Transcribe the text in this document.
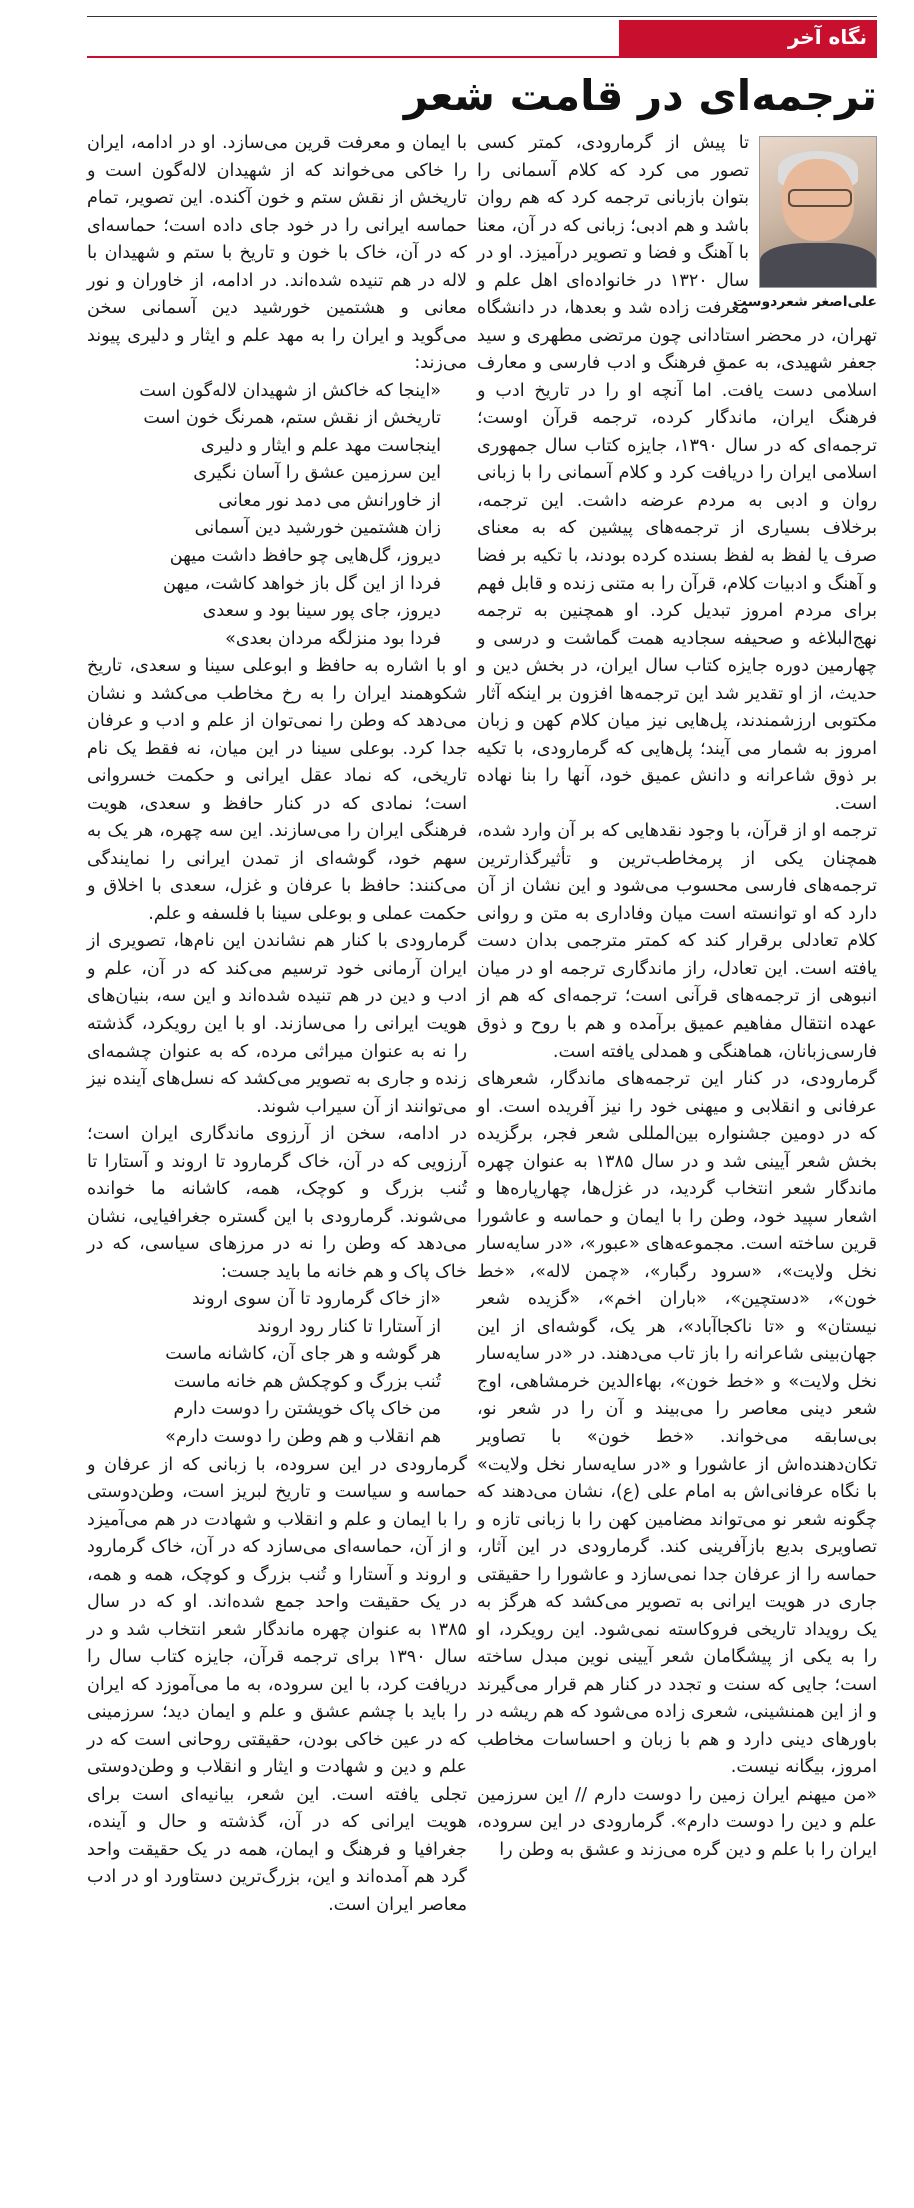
نگاه آخر
ترجمه‌ای در قامت شعر
علی‌اصغر شعردوست

تا پیش از گرمارودی، کمتر کسی تصور می کرد که کلام آسمانی را بتوان بازبانی ترجمه کرد که هم روان باشد و هم ادبی؛ زبانی که در آن، معنا با آهنگ و فضا و تصویر درآمیزد. او در سال ۱۳۲۰ در خانواده‌ای اهل علم و معرفت زاده شد و بعدها، در دانشگاه تهران، در محضر استادانی چون مرتضی مطهری و سید جعفر شهیدی، به عمقِ فرهنگ و ادب فارسی و معارف اسلامی دست یافت. اما آنچه او را در تاریخ ادب و فرهنگ ایران، ماندگار کرده، ترجمه قرآن اوست؛ ترجمه‌ای که در سال ۱۳۹۰، جایزه کتاب سال جمهوری اسلامی ایران را دریافت کرد و کلام آسمانی را با زبانی روان و ادبی به مردم عرضه داشت. این ترجمه، برخلاف بسیاری از ترجمه‌های پیشین که به معنای صرف یا لفظ به لفظ بسنده کرده بودند، با تکیه بر فضا و آهنگ و ادبیات کلام، قرآن را به متنی زنده و قابل فهم برای مردم امروز تبدیل کرد. او همچنین به ترجمه نهج‌البلاغه و صحیفه سجادیه همت گماشت و درسی و چهارمین دوره جایزه کتاب سال ایران، در بخش دین و حدیث، از او تقدیر شد این ترجمه‌ها افزون بر اینکه آثار مکتوبی ارزشمندند، پل‌هایی نیز میان کلام کهن و زبان امروز به شمار می آیند؛ پل‌هایی که گرمارودی، با تکیه بر ذوق شاعرانه و دانش عمیق خود، آنها را بنا نهاده است.

ترجمه او از قرآن، با وجود نقدهایی که بر آن وارد شده، همچنان یکی از پرمخاطب‌ترین و تأثیرگذارترین ترجمه‌های فارسی محسوب می‌شود و این نشان از آن دارد که او توانسته است میان وفاداری به متن و روانی کلام تعادلی برقرار کند که کمتر مترجمی بدان دست یافته است. این تعادل، راز ماندگاری ترجمه او در میان انبوهی از ترجمه‌های قرآنی است؛ ترجمه‌ای که هم از عهده انتقال مفاهیم عمیق برآمده و هم با روح و ذوق فارسی‌زبانان، هماهنگی و همدلی یافته است.

گرمارودی، در کنار این ترجمه‌های ماندگار، شعرهای عرفانی و انقلابی و میهنی خود را نیز آفریده است. او که در دومین جشنواره بین‌المللی شعر فجر، برگزیده بخش شعر آیینی شد و در سال ۱۳۸۵ به عنوان چهره ماندگار شعر انتخاب گردید، در غزل‌ها، چهارپاره‌ها و اشعار سپید خود، وطن را با ایمان و حماسه و عاشورا قرین ساخته است. مجموعه‌های «عبور»، «در سایه‌سار نخل ولایت»، «سرود رگبار»، «چمن لاله»، «خط خون»، «دستچین»، «باران اخم»، «گزیده شعر نیستان» و «تا ناکجاآباد»، هر یک، گوشه‌ای از این جهان‌بینی شاعرانه را باز تاب می‌دهند. در «در سایه‌سار نخل ولایت» و «خط خون»، بهاءالدین خرمشاهی، اوج شعر دینی معاصر را می‌بیند و آن را در شعر نو، بی‌سابقه می‌خواند. «خط خون» با تصاویر تکان‌دهنده‌اش از عاشورا و «در سایه‌سار نخل ولایت» با نگاه عرفانی‌اش به امام علی (ع)، نشان می‌دهند که چگونه شعر نو می‌تواند مضامین کهن را با زبانی تازه و تصاویری بدیع بازآفرینی کند. گرمارودی در این آثار، حماسه را از عرفان جدا نمی‌سازد و عاشورا را حقیقتی جاری در هویت ایرانی به تصویر می‌کشد که هرگز به یک رویداد تاریخی فروکاسته نمی‌شود. این رویکرد، او را به یکی از پیشگامان شعر آیینی نوین مبدل ساخته است؛ جایی که سنت و تجدد در کنار هم قرار می‌گیرند و از این همنشینی، شعری زاده می‌شود که هم ریشه در باورهای دینی دارد و هم با زبان و احساسات مخاطب امروز، بیگانه نیست.

«من میهنم ایران زمین را دوست دارم // این سرزمین علم و دین را دوست دارم». گرمارودی در این سروده، ایران را با علم و دین گره می‌زند و عشق به وطن را

با ایمان و معرفت قرین می‌سازد. او در ادامه، ایران را خاکی می‌خواند که از شهیدان لاله‌گون است و تاریخش از نقش ستم و خون آکنده. این تصویر، تمام حماسه ایرانی را در خود جای داده است؛ حماسه‌ای که در آن، خاک با خون و تاریخ با ستم و شهیدان با لاله در هم تنیده شده‌اند. در ادامه، از خاوران و نور معانی و هشتمین خورشید دین آسمانی سخن می‌گوید و ایران را به مهد علم و ایثار و دلیری پیوند می‌زند:

«اینجا که خاکش از شهیدان لاله‌گون است
تاریخش از نقش ستم، همرنگ خون است
اینجاست مهد علم و ایثار و دلیری
این سرزمین عشق را آسان نگیری
از خاورانش می دمد نور معانی
زان هشتمین خورشید دین آسمانی
دیروز، گل‌هایی چو حافظ داشت میهن
فردا از این گل باز خواهد کاشت، میهن
دیروز، جای پور سینا بود و سعدی
فردا بود منزلگه مردان بعدی»

او با اشاره به حافظ و ابوعلی سینا و سعدی، تاریخ شکوهمند ایران را به رخ مخاطب می‌کشد و نشان می‌دهد که وطن را نمی‌توان از علم و ادب و عرفان جدا کرد. بوعلی سینا در این میان، نه فقط یک نام تاریخی، که نماد عقل ایرانی و حکمت خسروانی است؛ نمادی که در کنار حافظ و سعدی، هویت فرهنگی ایران را می‌سازند. این سه چهره، هر یک به سهم خود، گوشه‌ای از تمدن ایرانی را نمایندگی می‌کنند: حافظ با عرفان و غزل، سعدی با اخلاق و حکمت عملی و بوعلی سینا با فلسفه و علم.

گرمارودی با کنار هم نشاندن این نام‌ها، تصویری از ایران آرمانی خود ترسیم می‌کند که در آن، علم و ادب و دین در هم تنیده شده‌اند و این سه، بنیان‌های هویت ایرانی را می‌سازند. او با این رویکرد، گذشته را نه به عنوان میراثی مرده، که به عنوان چشمه‌ای زنده و جاری به تصویر می‌کشد که نسل‌های آینده نیز می‌توانند از آن سیراب شوند.

در ادامه، سخن از آرزوی ماندگاری ایران است؛ آرزویی که در آن، خاک گرمارود تا اروند و آستارا تا تُنب بزرگ و کوچک، همه، کاشانه ما خوانده می‌شوند. گرمارودی با این گستره جغرافیایی، نشان می‌دهد که وطن را نه در مرزهای سیاسی، که در خاک پاک و هم خانه ما باید جست:

«از خاک گرمارود تا آن سوی اروند
از آستارا تا کنار رود اروند
هر گوشه و هر جای آن، کاشانه ماست
تُنب بزرگ و کوچکش هم خانه ماست
من خاک پاک خویشتن را دوست دارم
هم انقلاب و هم وطن را دوست دارم»

گرمارودی در این سروده، با زبانی که از عرفان و حماسه و سیاست و تاریخ لبریز است، وطن‌دوستی را با ایمان و علم و انقلاب و شهادت در هم می‌آمیزد و از آن، حماسه‌ای می‌سازد که در آن، خاک گرمارود و اروند و آستارا و تُنب بزرگ و کوچک، همه و همه، در یک حقیقت واحد جمع شده‌اند. او که در سال ۱۳۸۵ به عنوان چهره ماندگار شعر انتخاب شد و در سال ۱۳۹۰ برای ترجمه قرآن، جایزه کتاب سال را دریافت کرد، با این سروده، به ما می‌آموزد که ایران را باید با چشم عشق و علم و ایمان دید؛ سرزمینی که در عین خاکی بودن، حقیقتی روحانی است که در علم و دین و شهادت و ایثار و انقلاب و وطن‌دوستی تجلی یافته است. این شعر، بیانیه‌ای است برای هویت ایرانی که در آن، گذشته و حال و آینده، جغرافیا و فرهنگ و ایمان، همه در یک حقیقت واحد گرد هم آمده‌اند و این، بزرگ‌ترین دستاورد او در ادب معاصر ایران است.
